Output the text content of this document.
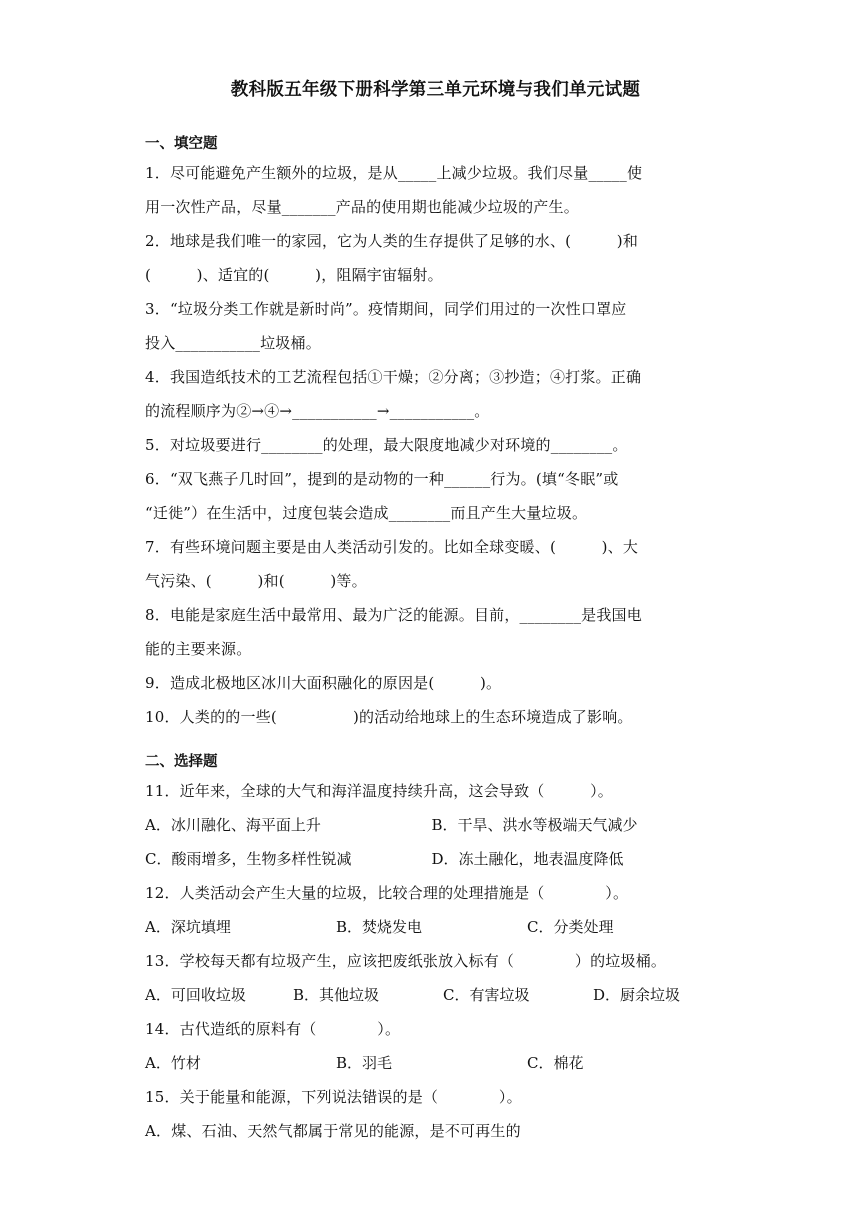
教科版五年级下册科学第三单元环境与我们单元试题
一、填空题
1．尽可能避免产生额外的垃圾，是从_____上减少垃圾。我们尽量_____使
用一次性产品，尽量_______产品的使用期也能减少垃圾的产生。
2．地球是我们唯一的家园，它为人类的生存提供了足够的水、(　　　)和
(　　　)、适宜的(　　　)，阻隔宇宙辐射。
3．“垃圾分类工作就是新时尚”。疫情期间，同学们用过的一次性口罩应
投入___________垃圾桶。
4．我国造纸技术的工艺流程包括①干燥；②分离；③抄造；④打浆。正确
的流程顺序为②→④→___________→___________。
5．对垃圾要进行________的处理，最大限度地减少对环境的________。
6．“双飞燕子几时回”，提到的是动物的一种______行为。(填“冬眠”或
“迁徙”）在生活中，过度包装会造成________而且产生大量垃圾。
7．有些环境问题主要是由人类活动引发的。比如全球变暖、(　　　)、大
气污染、(　　　)和(　　　)等。
8．电能是家庭生活中最常用、最为广泛的能源。目前，________是我国电
能的主要来源。
9．造成北极地区冰川大面积融化的原因是(　　　)。
10．人类的的一些(　　　　　)的活动给地球上的生态环境造成了影响。
二、选择题
11．近年来，全球的大气和海洋温度持续升高，这会导致（　　　）。
A．冰川融化、海平面上升	B．干旱、洪水等极端天气减少
C．酸雨增多，生物多样性锐减	D．冻土融化，地表温度降低
12．人类活动会产生大量的垃圾，比较合理的处理措施是（　　　　）。
A．深坑填埋	B．焚烧发电	C．分类处理
13．学校每天都有垃圾产生，应该把废纸张放入标有（　　　　）的垃圾桶。
A．可回收垃圾	B．其他垃圾	C．有害垃圾	D．厨余垃圾
14．古代造纸的原料有（　　　　）。
A．竹材	B．羽毛	C．棉花
15．关于能量和能源，下列说法错误的是（　　　　）。
A．煤、石油、天然气都属于常见的能源，是不可再生的
